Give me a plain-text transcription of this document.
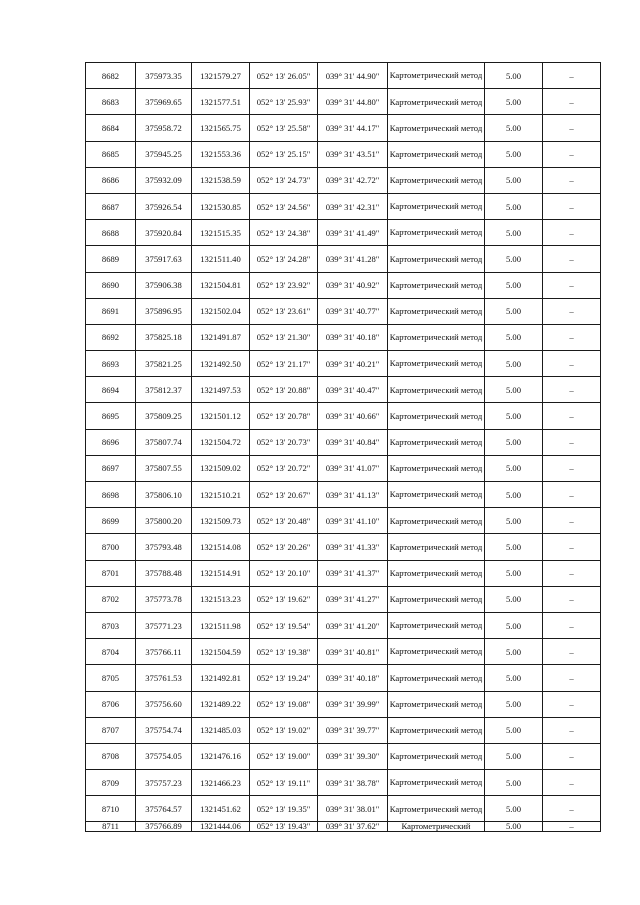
8682	375973.35	1321579.27	052° 13' 26.05"	039° 31' 44.90"	Картометрический метод	5.00	–
8683	375969.65	1321577.51	052° 13' 25.93"	039° 31' 44.80"	Картометрический метод	5.00	–
8684	375958.72	1321565.75	052° 13' 25.58"	039° 31' 44.17"	Картометрический метод	5.00	–
8685	375945.25	1321553.36	052° 13' 25.15"	039° 31' 43.51"	Картометрический метод	5.00	–
8686	375932.09	1321538.59	052° 13' 24.73"	039° 31' 42.72"	Картометрический метод	5.00	–
8687	375926.54	1321530.85	052° 13' 24.56"	039° 31' 42.31"	Картометрический метод	5.00	–
8688	375920.84	1321515.35	052° 13' 24.38"	039° 31' 41.49"	Картометрический метод	5.00	–
8689	375917.63	1321511.40	052° 13' 24.28"	039° 31' 41.28"	Картометрический метод	5.00	–
8690	375906.38	1321504.81	052° 13' 23.92"	039° 31' 40.92"	Картометрический метод	5.00	–
8691	375896.95	1321502.04	052° 13' 23.61"	039° 31' 40.77"	Картометрический метод	5.00	–
8692	375825.18	1321491.87	052° 13' 21.30"	039° 31' 40.18"	Картометрический метод	5.00	–
8693	375821.25	1321492.50	052° 13' 21.17"	039° 31' 40.21"	Картометрический метод	5.00	–
8694	375812.37	1321497.53	052° 13' 20.88"	039° 31' 40.47"	Картометрический метод	5.00	–
8695	375809.25	1321501.12	052° 13' 20.78"	039° 31' 40.66"	Картометрический метод	5.00	–
8696	375807.74	1321504.72	052° 13' 20.73"	039° 31' 40.84"	Картометрический метод	5.00	–
8697	375807.55	1321509.02	052° 13' 20.72"	039° 31' 41.07"	Картометрический метод	5.00	–
8698	375806.10	1321510.21	052° 13' 20.67"	039° 31' 41.13"	Картометрический метод	5.00	–
8699	375800.20	1321509.73	052° 13' 20.48"	039° 31' 41.10"	Картометрический метод	5.00	–
8700	375793.48	1321514.08	052° 13' 20.26"	039° 31' 41.33"	Картометрический метод	5.00	–
8701	375788.48	1321514.91	052° 13' 20.10"	039° 31' 41.37"	Картометрический метод	5.00	–
8702	375773.78	1321513.23	052° 13' 19.62"	039° 31' 41.27"	Картометрический метод	5.00	–
8703	375771.23	1321511.98	052° 13' 19.54"	039° 31' 41.20"	Картометрический метод	5.00	–
8704	375766.11	1321504.59	052° 13' 19.38"	039° 31' 40.81"	Картометрический метод	5.00	–
8705	375761.53	1321492.81	052° 13' 19.24"	039° 31' 40.18"	Картометрический метод	5.00	–
8706	375756.60	1321489.22	052° 13' 19.08"	039° 31' 39.99"	Картометрический метод	5.00	–
8707	375754.74	1321485.03	052° 13' 19.02"	039° 31' 39.77"	Картометрический метод	5.00	–
8708	375754.05	1321476.16	052° 13' 19.00"	039° 31' 39.30"	Картометрический метод	5.00	–
8709	375757.23	1321466.23	052° 13' 19.11"	039° 31' 38.78"	Картометрический метод	5.00	–
8710	375764.57	1321451.62	052° 13' 19.35"	039° 31' 38.01"	Картометрический метод	5.00	–
8711	375766.89	1321444.06	052° 13' 19.43"	039° 31' 37.62"	Картометрический	5.00	–
